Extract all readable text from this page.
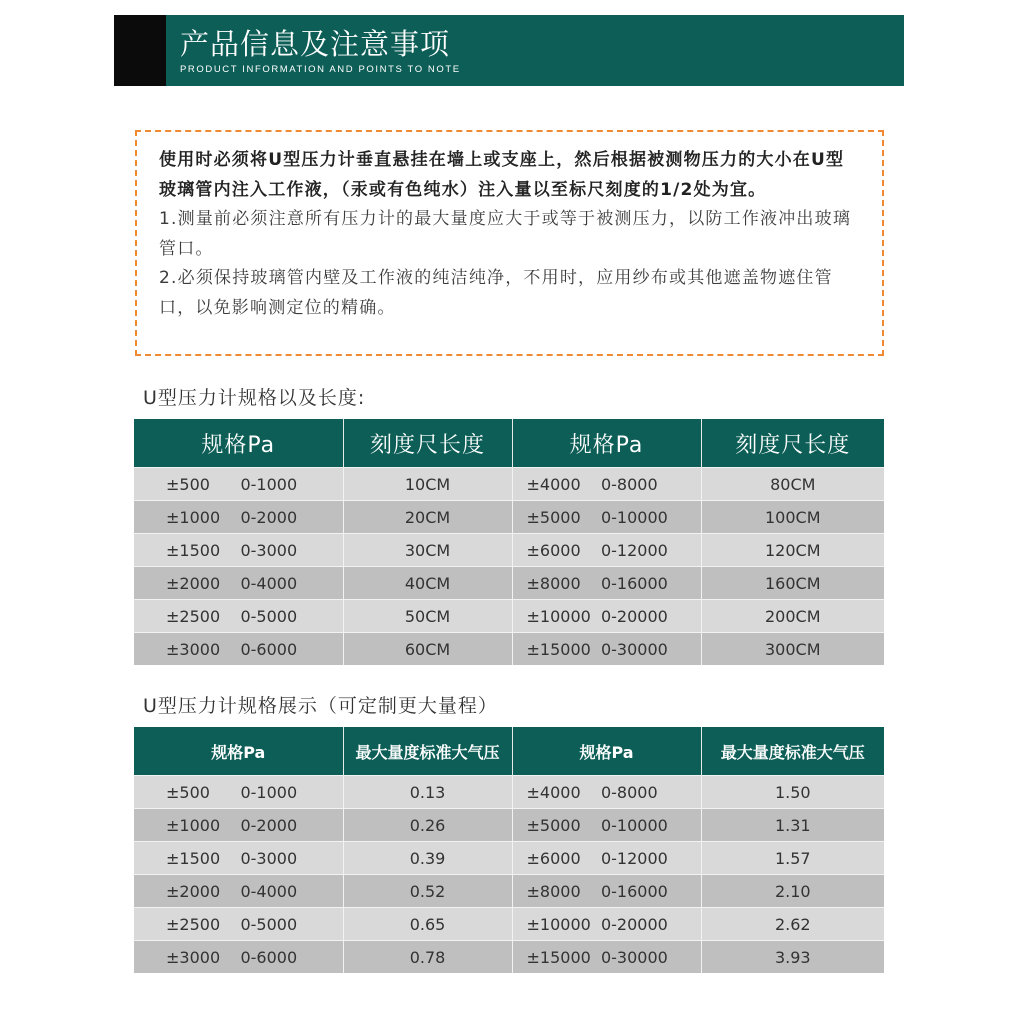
产品信息及注意事项
PRODUCT INFORMATION AND POINTS TO NOTE

使用时必须将U型压力计垂直悬挂在墙上或支座上，然后根据被测物压力的大小在U型玻璃管内注入工作液，（汞或有色纯水）注入量以至标尺刻度的1/2处为宜。

1.测量前必须注意所有压力计的最大量度应大于或等于被测压力，以防工作液冲出玻璃管口。

2.必须保持玻璃管内壁及工作液的纯洁纯净，不用时，应用纱布或其他遮盖物遮住管口，以免影响测定位的精确。

U型压力计规格以及长度:
规格Pa	刻度尺长度	规格Pa	刻度尺长度
±500      0-1000	10CM	±4000    0-8000	80CM
±1000    0-2000	20CM	±5000    0-10000	100CM
±1500    0-3000	30CM	±6000    0-12000	120CM
±2000    0-4000	40CM	±8000    0-16000	160CM
±2500    0-5000	50CM	±10000  0-20000	200CM
±3000    0-6000	60CM	±15000  0-30000	300CM
U型压力计规格展示（可定制更大量程）
规格Pa	最大量度标准大气压	规格Pa	最大量度标准大气压
±500      0-1000	0.13	±4000    0-8000	1.50
±1000    0-2000	0.26	±5000    0-10000	1.31
±1500    0-3000	0.39	±6000    0-12000	1.57
±2000    0-4000	0.52	±8000    0-16000	2.10
±2500    0-5000	0.65	±10000  0-20000	2.62
±3000    0-6000	0.78	±15000  0-30000	3.93
